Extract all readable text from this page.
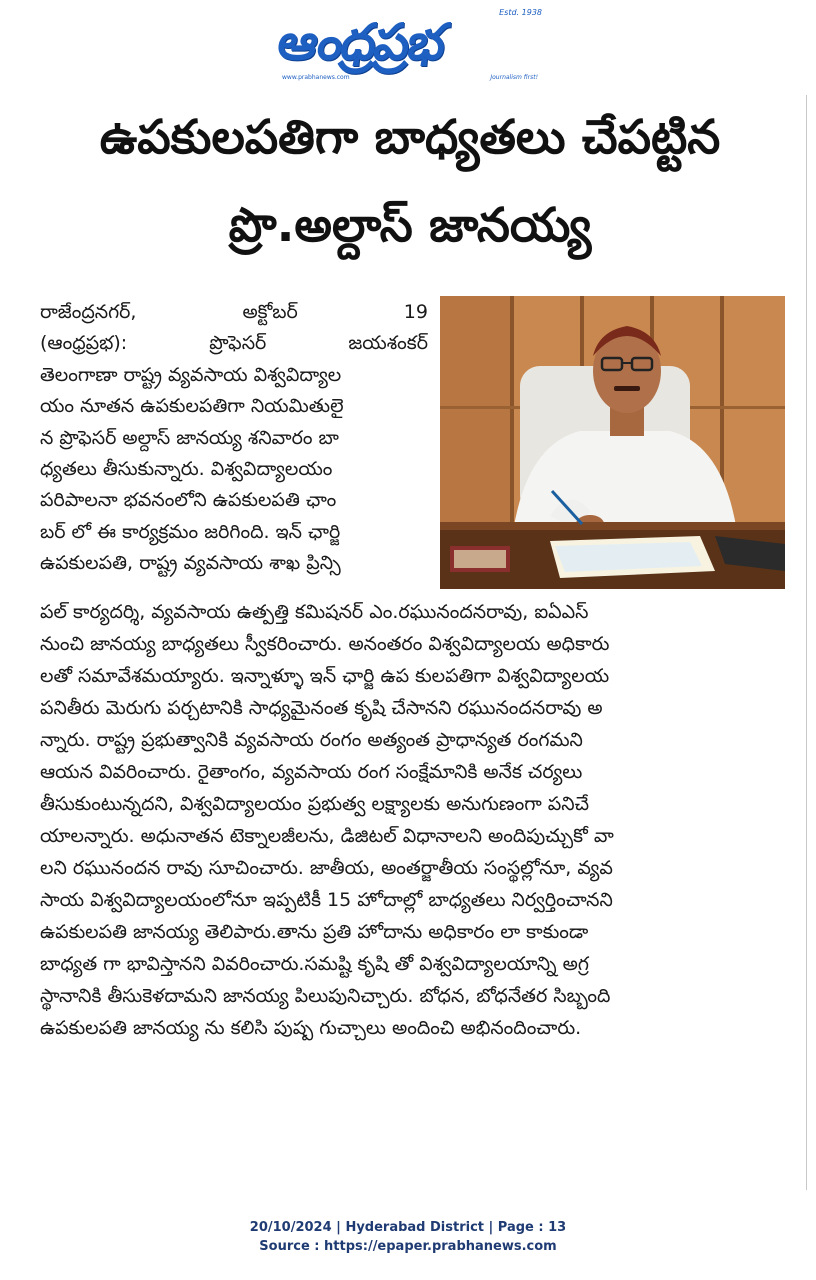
ఆంధ్రప్రభ
Estd. 1938
www.prabhanews.com	Journalism first!
ఉపకులపతిగా బాధ్యతలు చేపట్టిన
ప్రొ.అల్దాస్ జానయ్య
రాజేంద్రనగర్,	అక్టోబర్	19
(ఆంధ్రప్రభ):	ప్రొఫెసర్	జయశంకర్
తెలంగాణా రాష్ట్ర వ్యవసాయ విశ్వవిద్యాల
యం నూతన ఉపకులపతిగా నియమితులై
న ప్రొఫెసర్ అల్దాస్ జానయ్య శనివారం బా
ధ్యతలు తీసుకున్నారు. విశ్వవిద్యాలయం
పరిపాలనా భవనంలోని ఉపకులపతి ఛాం
బర్ లో ఈ కార్యక్రమం జరిగింది. ఇన్ ఛార్జి
ఉపకులపతి, రాష్ట్ర వ్యవసాయ శాఖ ప్రిన్సి
పల్ కార్యదర్శి, వ్యవసాయ ఉత్పత్తి కమిషనర్ ఎం.రఘునందనరావు, ఐఏఎస్
నుంచి జానయ్య బాధ్యతలు స్వీకరించారు. అనంతరం విశ్వవిద్యాలయ అధికారు
లతో సమావేశమయ్యారు. ఇన్నాళ్ళూ ఇన్ ఛార్జి ఉప కులపతిగా విశ్వవిద్యాలయ
పనితీరు మెరుగు పర్చటానికి సాధ్యమైనంత కృషి చేసానని రఘునందనరావు అ
న్నారు. రాష్ట్ర ప్రభుత్వానికి వ్యవసాయ రంగం అత్యంత ప్రాధాన్యత రంగమని
ఆయన వివరించారు. రైతాంగం, వ్యవసాయ రంగ సంక్షేమానికి అనేక చర్యలు
తీసుకుంటున్నదని, విశ్వవిద్యాలయం ప్రభుత్వ లక్ష్యాలకు అనుగుణంగా పనిచే
యాలన్నారు. అధునాతన టెక్నాలజీలను, డిజిటల్ విధానాలని అందిపుచ్చుకో వా
లని రఘునందన రావు సూచించారు. జాతీయ, అంతర్జాతీయ సంస్థల్లోనూ, వ్యవ
సాయ విశ్వవిద్యాలయంలోనూ ఇప్పటికీ 15 హోదాల్లో బాధ్యతలు నిర్వర్తించానని
ఉపకులపతి జానయ్య తెలిపారు.తాను ప్రతి హోదాను అధికారం లా కాకుండా
బాధ్యత గా భావిస్తానని వివరించారు.సమష్టి కృషి తో విశ్వవిద్యాలయాన్ని అగ్ర
స్థానానికి తీసుకెళదామని జానయ్య పిలుపునిచ్చారు. బోధన, బోధనేతర సిబ్బంది
ఉపకులపతి జానయ్య ను కలిసి పుష్ప గుచ్చాలు అందించి అభినందించారు.
20/10/2024 | Hyderabad District | Page : 13
Source : https://epaper.prabhanews.com
